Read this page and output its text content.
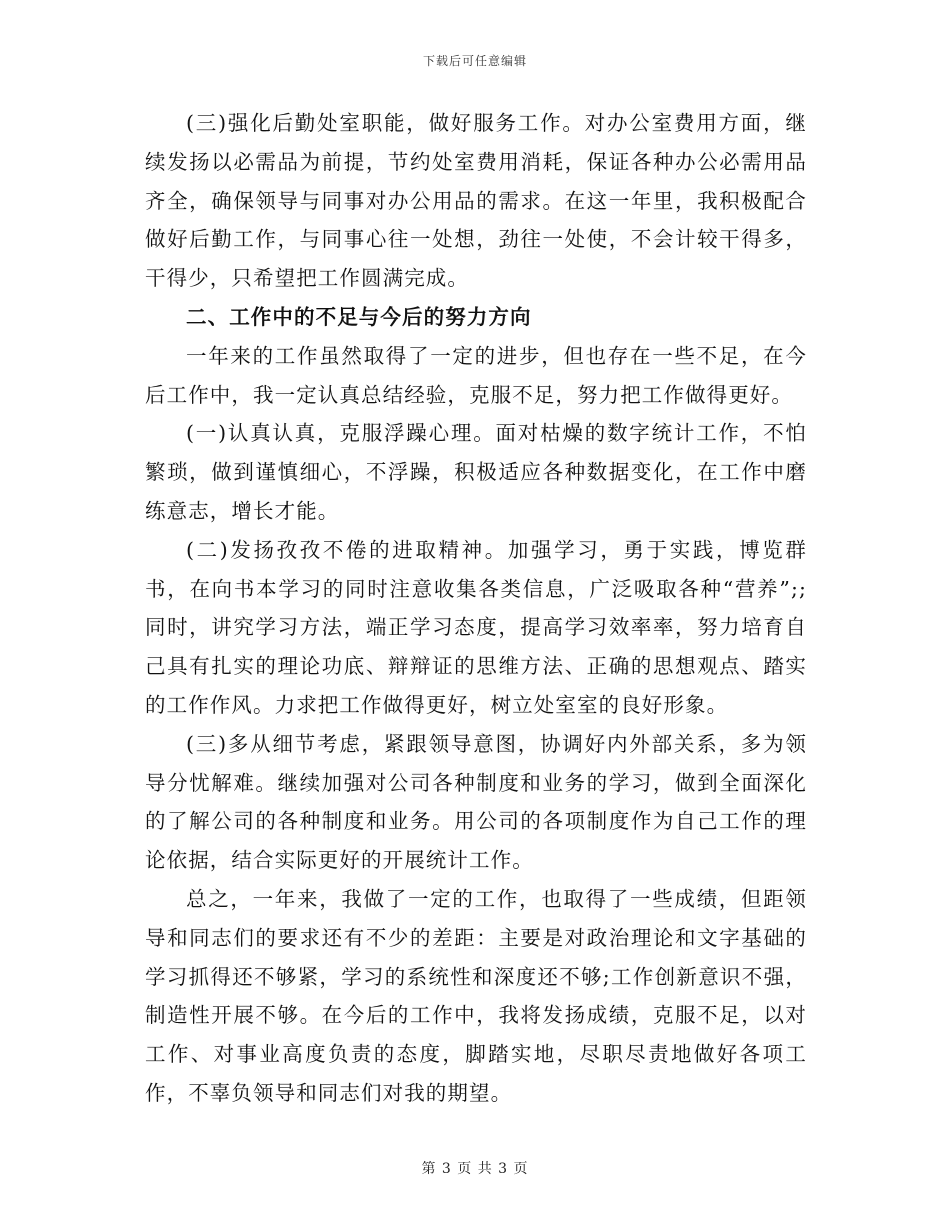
下载后可任意编辑

(三)强化后勤处室职能，做好服务工作。对办公室费用方面，继续发扬以必需品为前提，节约处室费用消耗，保证各种办公必需用品齐全，确保领导与同事对办公用品的需求。在这一年里，我积极配合做好后勤工作，与同事心往一处想，劲往一处使，不会计较干得多，干得少，只希望把工作圆满完成。

二、工作中的不足与今后的努力方向

一年来的工作虽然取得了一定的进步，但也存在一些不足，在今后工作中，我一定认真总结经验，克服不足，努力把工作做得更好。

(一)认真认真，克服浮躁心理。面对枯燥的数字统计工作，不怕繁琐，做到谨慎细心，不浮躁，积极适应各种数据变化，在工作中磨练意志，增长才能。

(二)发扬孜孜不倦的进取精神。加强学习，勇于实践，博览群书，在向书本学习的同时注意收集各类信息，广泛吸取各种“营养”;;同时，讲究学习方法，端正学习态度，提高学习效率率，努力培育自己具有扎实的理论功底、辩辩证的思维方法、正确的思想观点、踏实的工作作风。力求把工作做得更好，树立处室室的良好形象。

(三)多从细节考虑，紧跟领导意图，协调好内外部关系，多为领导分忧解难。继续加强对公司各种制度和业务的学习，做到全面深化的了解公司的各种制度和业务。用公司的各项制度作为自己工作的理论依据，结合实际更好的开展统计工作。

总之，一年来，我做了一定的工作，也取得了一些成绩，但距领导和同志们的要求还有不少的差距：主要是对政治理论和文字基础的学习抓得还不够紧，学习的系统性和深度还不够;工作创新意识不强，制造性开展不够。在今后的工作中，我将发扬成绩，克服不足，以对工作、对事业高度负责的态度，脚踏实地，尽职尽责地做好各项工作，不辜负领导和同志们对我的期望。

第 3 页 共 3 页
